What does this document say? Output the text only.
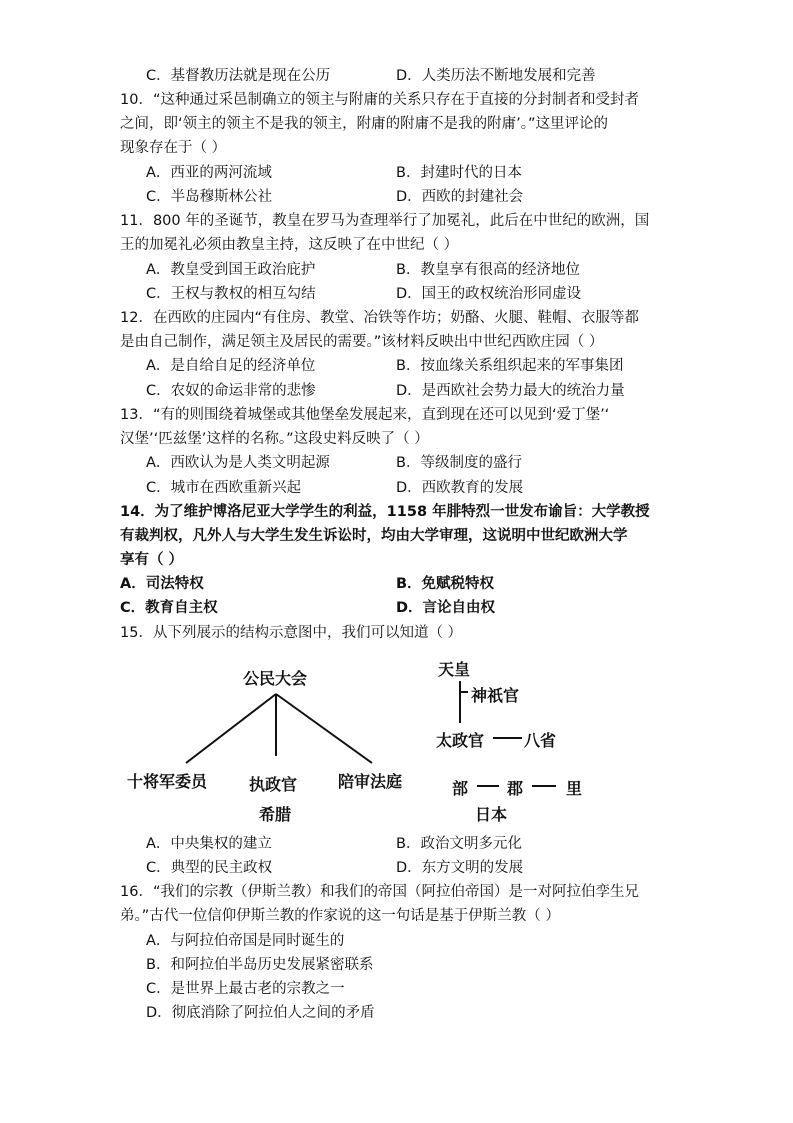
C．基督教历法就是现在公历	D．人类历法不断地发展和完善
10．“这种通过采邑制确立的领主与附庸的关系只存在于直接的分封制者和受封者
之间，即‘领主的领主不是我的领主，附庸的附庸不是我的附庸’。”这里评论的
现象存在于（ ）
A．西亚的两河流域	B．封建时代的日本
C．半岛穆斯林公社	D．西欧的封建社会
11．800 年的圣诞节，教皇在罗马为查理举行了加冕礼，此后在中世纪的欧洲，国
王的加冕礼必须由教皇主持，这反映了在中世纪（ ）
A．教皇受到国王政治庇护	B．教皇享有很高的经济地位
C．王权与教权的相互勾结	D．国王的政权统治形同虚设
12．在西欧的庄园内“有住房、教堂、冶铁等作坊；奶酪、火腿、鞋帽、衣服等都
是由自己制作，满足领主及居民的需要。”该材料反映出中世纪西欧庄园（ ）
A．是自给自足的经济单位	B．按血缘关系组织起来的军事集团
C．农奴的命运非常的悲惨	D．是西欧社会势力最大的统治力量
13．“有的则围绕着城堡或其他堡垒发展起来，直到现在还可以见到‘爱丁堡’‘
汉堡’‘匹兹堡’这样的名称。”这段史料反映了（ ）
A．西欧认为是人类文明起源	B．等级制度的盛行
C．城市在西欧重新兴起	D．西欧教育的发展
14．为了维护博洛尼亚大学学生的利益，1158 年腓特烈一世发布谕旨：大学教授
有裁判权，凡外人与大学生发生诉讼时，均由大学审理，这说明中世纪欧洲大学
享有（ ）
A．司法特权	B．免赋税特权
C．教育自主权	D．言论自由权
15．从下列展示的结构示意图中，我们可以知道（ ）
公民大会
十将军委员	执政官	陪审法庭
希腊
天皇
神祇官
太政官 八省
部 郡	里
日本
A．中央集权的建立	B．政治文明多元化
C．典型的民主政权	D．东方文明的发展
16．“我们的宗教（伊斯兰教）和我们的帝国（阿拉伯帝国）是一对阿拉伯孪生兄
弟。”古代一位信仰伊斯兰教的作家说的这一句话是基于伊斯兰教（ ）
A．与阿拉伯帝国是同时诞生的
B．和阿拉伯半岛历史发展紧密联系
C．是世界上最古老的宗教之一
D．彻底消除了阿拉伯人之间的矛盾
